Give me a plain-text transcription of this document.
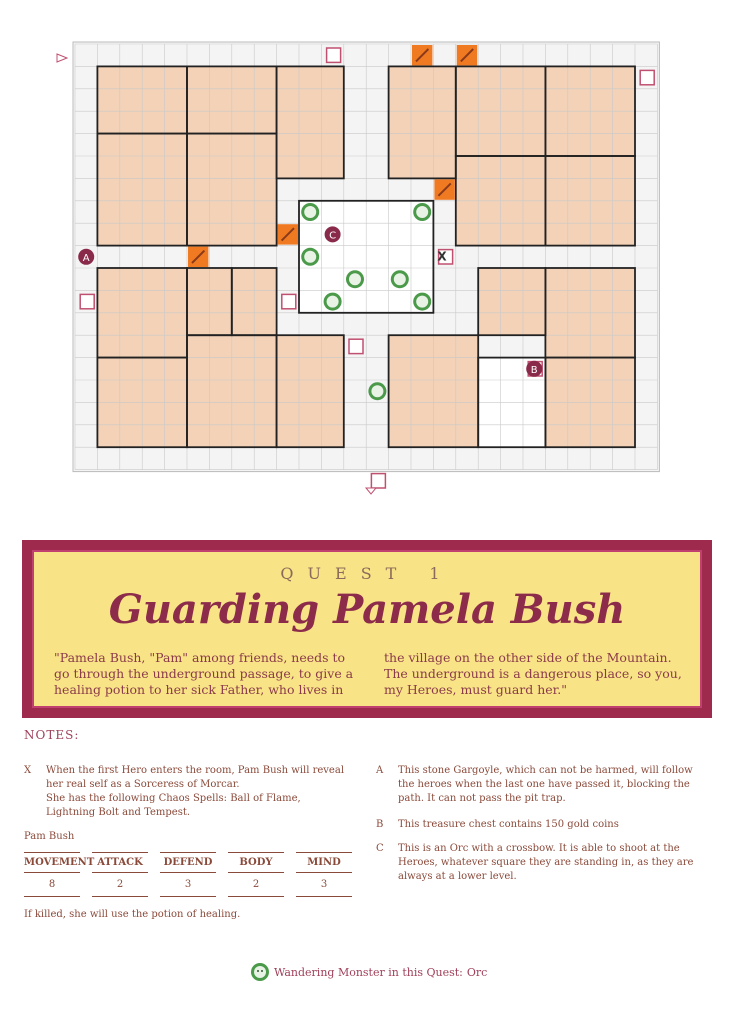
A
B
C
X
QUEST 1
Guarding Pamela Bush
"Pamela Bush, "Pam" among friends, needs to go through the underground passage, to give a healing potion to her sick Father, who lives in
the village on the other side of the Mountain. The underground is a dangerous place, so you, my Heroes, must guard her."
NOTES:
X When the first Hero enters the room, Pam Bush will reveal her real self as a Sorceress of Morcar.
She has the following Chaos Spells: Ball of Flame, Lightning Bolt and Tempest.
Pam Bush
MOVEMENT
8
ATTACK
2
DEFEND
3
BODY
2
MIND
3
If killed, she will use the potion of healing.
A This stone Gargoyle, which can not be harmed, will follow the heroes when the last one have passed it, blocking the path. It can not pass the pit trap.
B This treasure chest contains 150 gold coins
C This is an Orc with a crossbow. It is able to shoot at the Heroes, whatever square they are standing in, as they are always at a lower level.
Wandering Monster in this Quest: Orc
